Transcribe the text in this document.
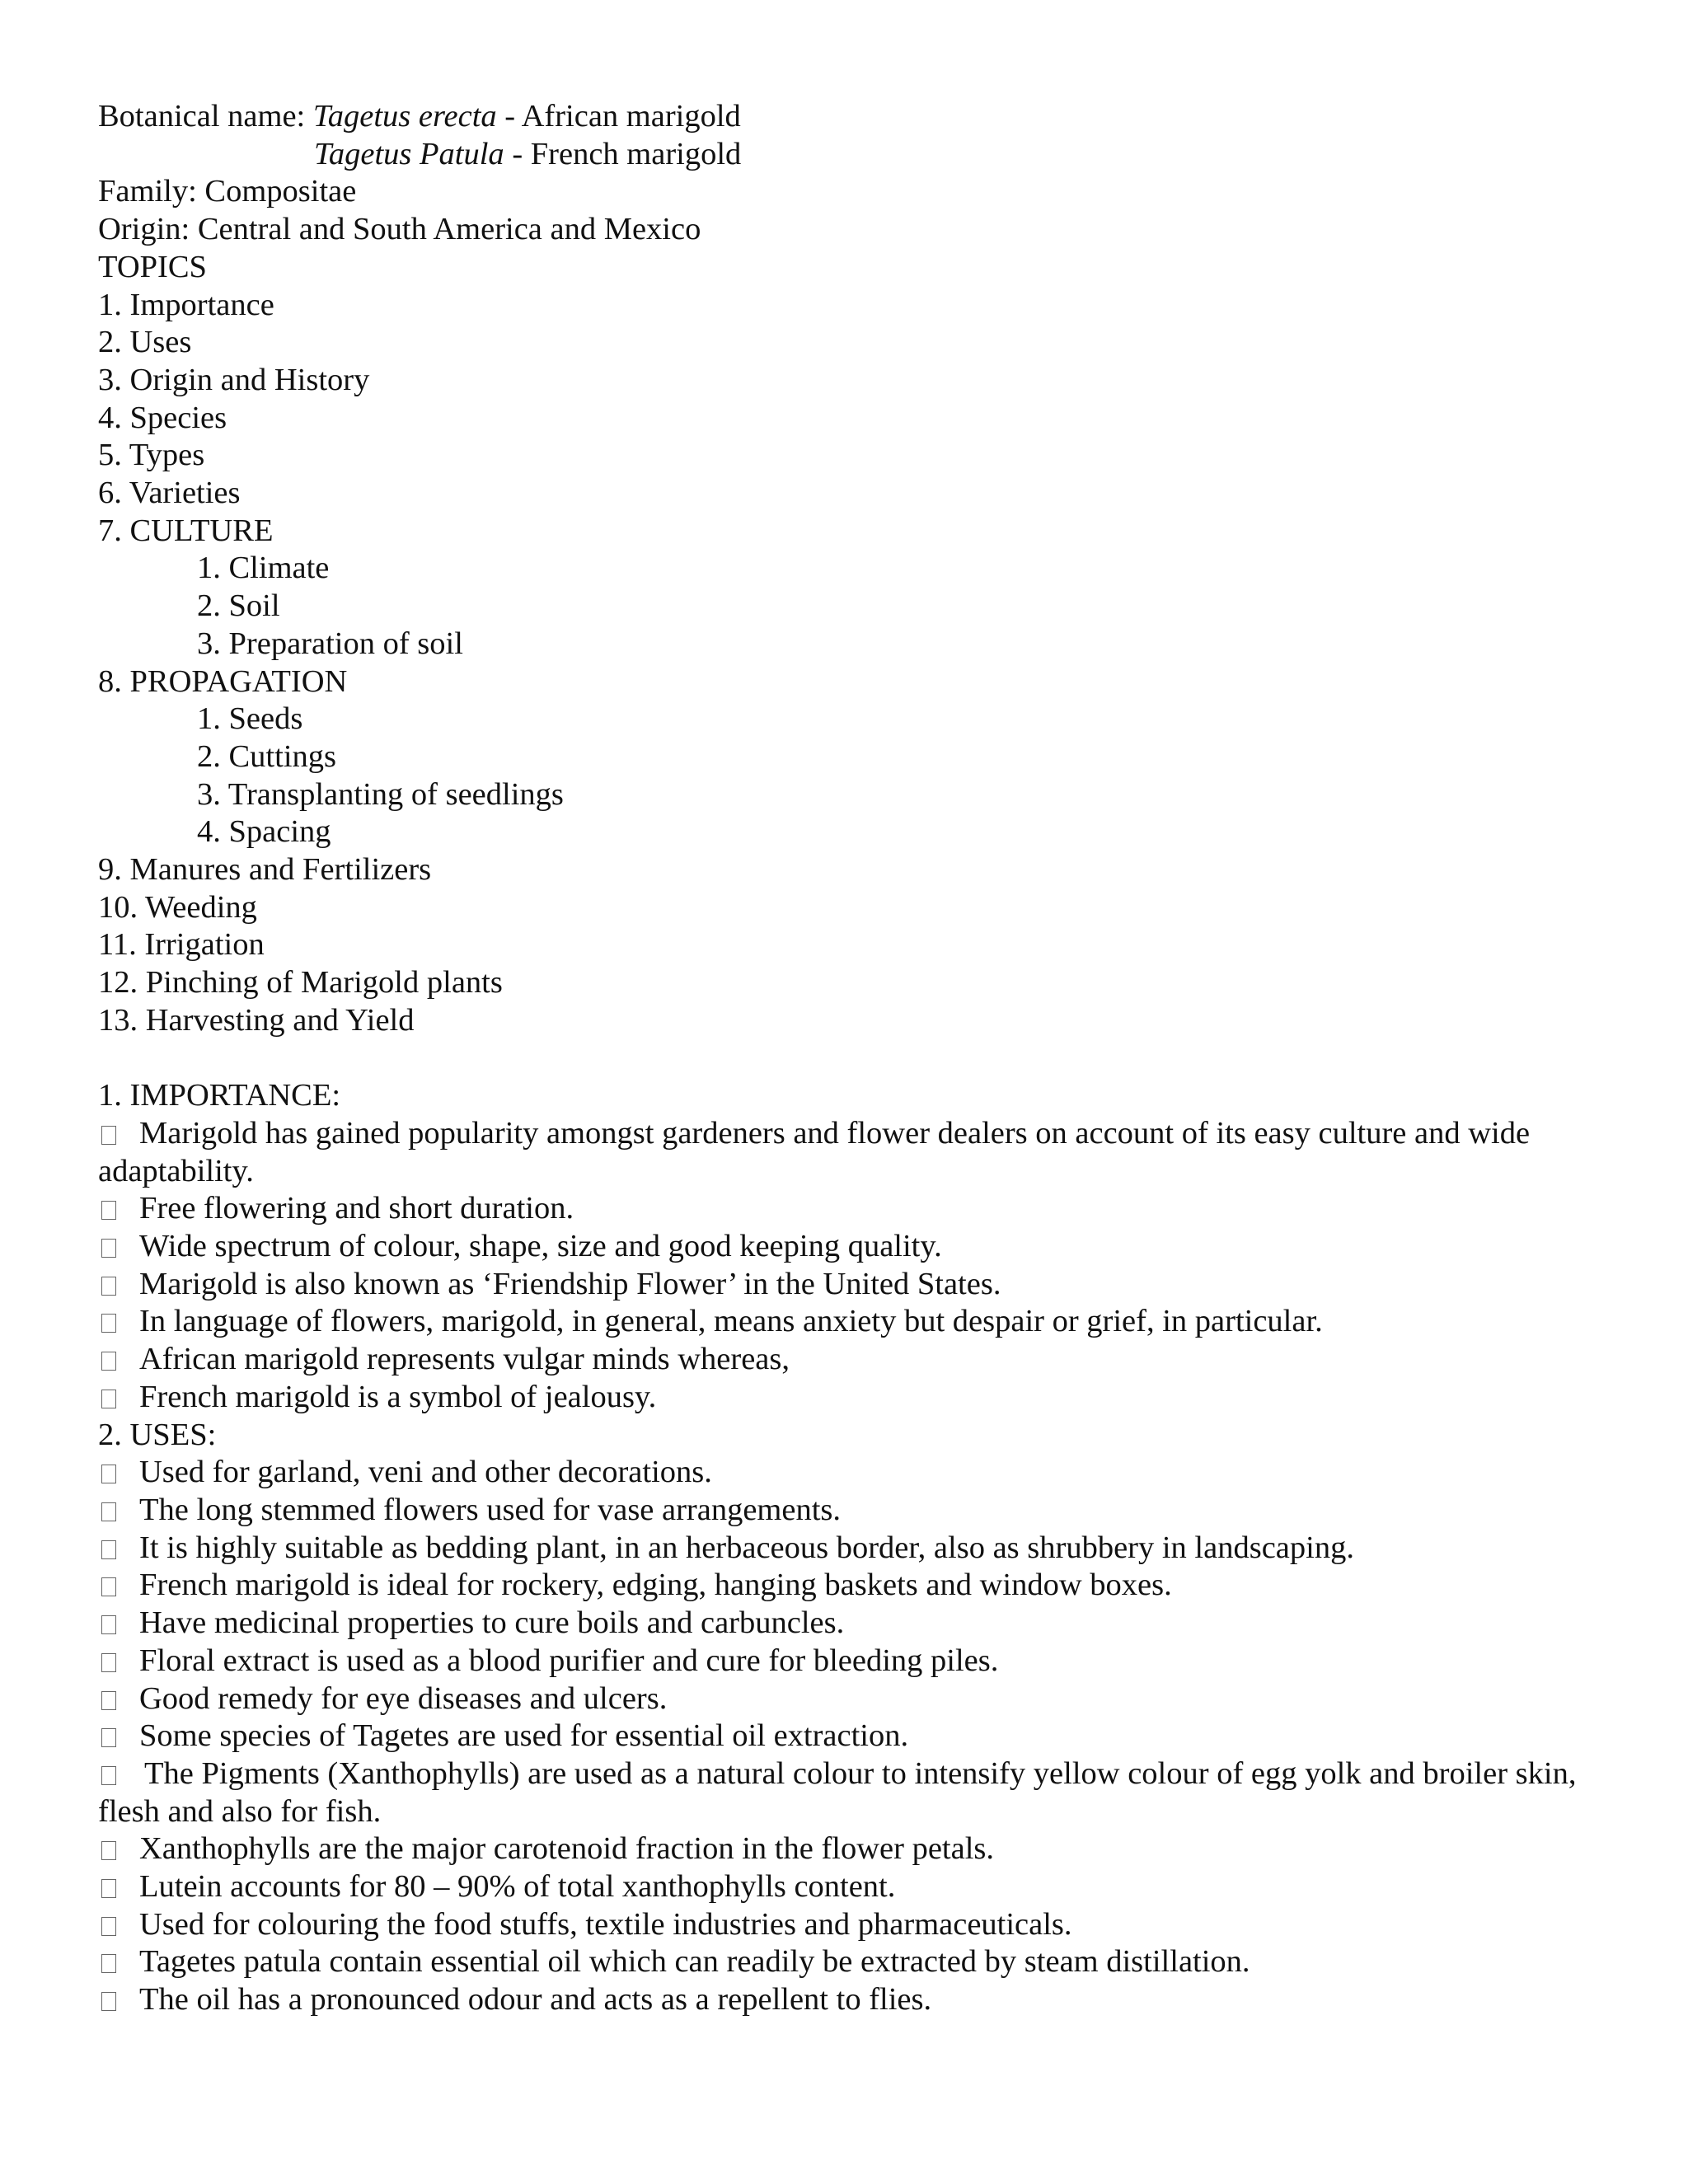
Botanical name: Tagetus erecta - African marigold
Tagetus Patula - French marigold
Family: Compositae
Origin: Central and South America and Mexico
TOPICS
1. Importance
2. Uses
3. Origin and History
4. Species
5. Types
6. Varieties
7. CULTURE
1. Climate
2. Soil
3. Preparation of soil
8. PROPAGATION
1. Seeds
2. Cuttings
3. Transplanting of seedlings
4. Spacing
9. Manures and Fertilizers
10. Weeding
11. Irrigation
12. Pinching of Marigold plants
13. Harvesting and Yield
1. IMPORTANCE:
Marigold has gained popularity amongst gardeners and flower dealers on account of its easy culture and wide adaptability.
Free flowering and short duration.
Wide spectrum of colour, shape, size and good keeping quality.
Marigold is also known as ‘Friendship Flower’ in the United States.
In language of flowers, marigold, in general, means anxiety but despair or grief, in particular.
African marigold represents vulgar minds whereas,
French marigold is a symbol of jealousy.
2. USES:
Used for garland, veni and other decorations.
The long stemmed flowers used for vase arrangements.
It is highly suitable as bedding plant, in an herbaceous border, also as shrubbery in landscaping.
French marigold is ideal for rockery, edging, hanging baskets and window boxes.
Have medicinal properties to cure boils and carbuncles.
Floral extract is used as a blood purifier and cure for bleeding piles.
Good remedy for eye diseases and ulcers.
Some species of Tagetes are used for essential oil extraction.
The Pigments (Xanthophylls) are used as a natural colour to intensify yellow colour of egg yolk and broiler skin, flesh and also for fish.
Xanthophylls are the major carotenoid fraction in the flower petals.
Lutein accounts for 80 – 90% of total xanthophylls content.
Used for colouring the food stuffs, textile industries and pharmaceuticals.
Tagetes patula contain essential oil which can readily be extracted by steam distillation.
The oil has a pronounced odour and acts as a repellent to flies.
